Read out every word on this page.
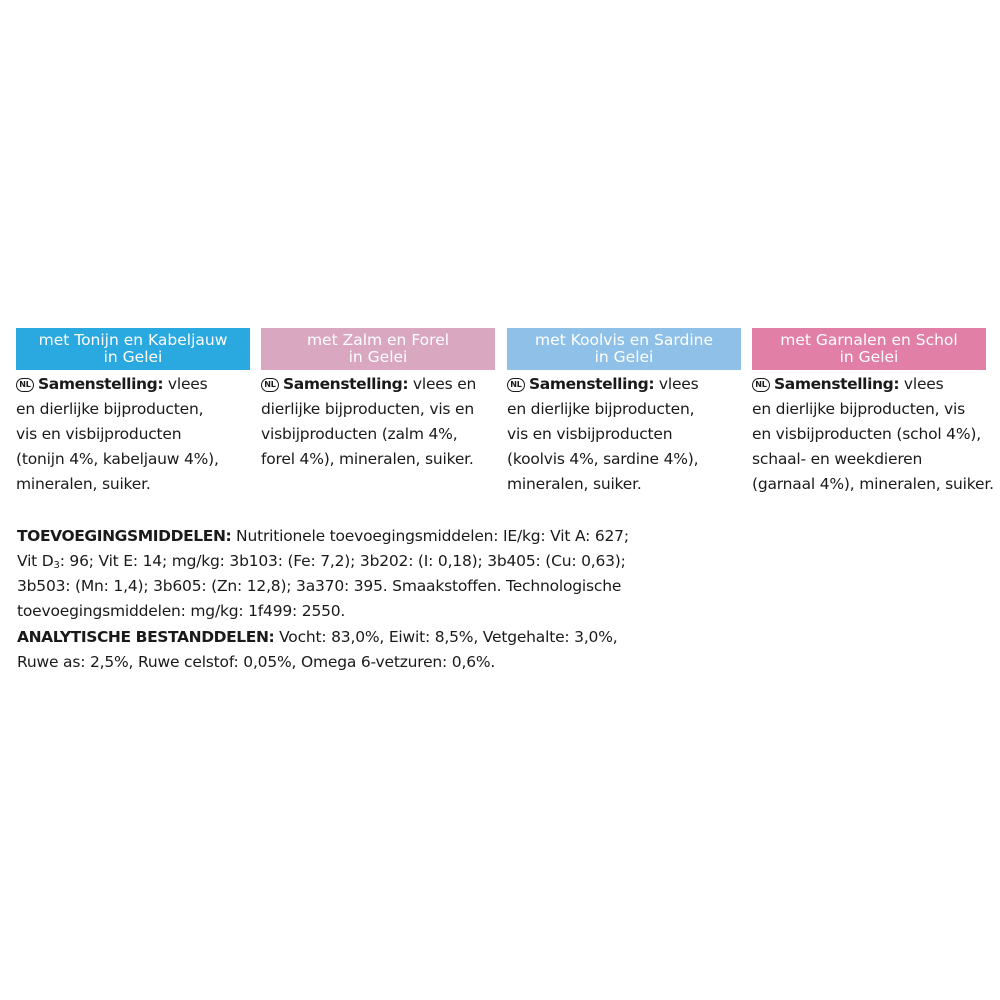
met Tonijn en Kabeljauw
in Gelei
NL Samenstelling: vlees
en dierlijke bijproducten,
vis en visbijproducten
(tonijn 4%, kabeljauw 4%),
mineralen, suiker.
met Zalm en Forel
in Gelei
NL Samenstelling: vlees en
dierlijke bijproducten, vis en
visbijproducten (zalm 4%,
forel 4%), mineralen, suiker.
met Koolvis en Sardine
in Gelei
NL Samenstelling: vlees
en dierlijke bijproducten,
vis en visbijproducten
(koolvis 4%, sardine 4%),
mineralen, suiker.
met Garnalen en Schol
in Gelei
NL Samenstelling: vlees
en dierlijke bijproducten, vis
en visbijproducten (schol 4%),
schaal- en weekdieren
(garnaal 4%), mineralen, suiker.
TOEVOEGINGSMIDDELEN: Nutritionele toevoegingsmiddelen: IE/kg: Vit A: 627;
Vit $D_3$: 96; Vit E: 14; mg/kg: 3b103: (Fe: 7,2); 3b202: (I: 0,18); 3b405: (Cu: 0,63);
3b503: (Mn: 1,4); 3b605: (Zn: 12,8); 3a370: 395. Smaakstoffen. Technologische
toevoegingsmiddelen: mg/kg: 1f499: 2550.
ANALYTISCHE BESTANDDELEN: Vocht: 83,0%, Eiwit: 8,5%, Vetgehalte: 3,0%,
Ruwe as: 2,5%, Ruwe celstof: 0,05%, Omega 6-vetzuren: 0,6%.
